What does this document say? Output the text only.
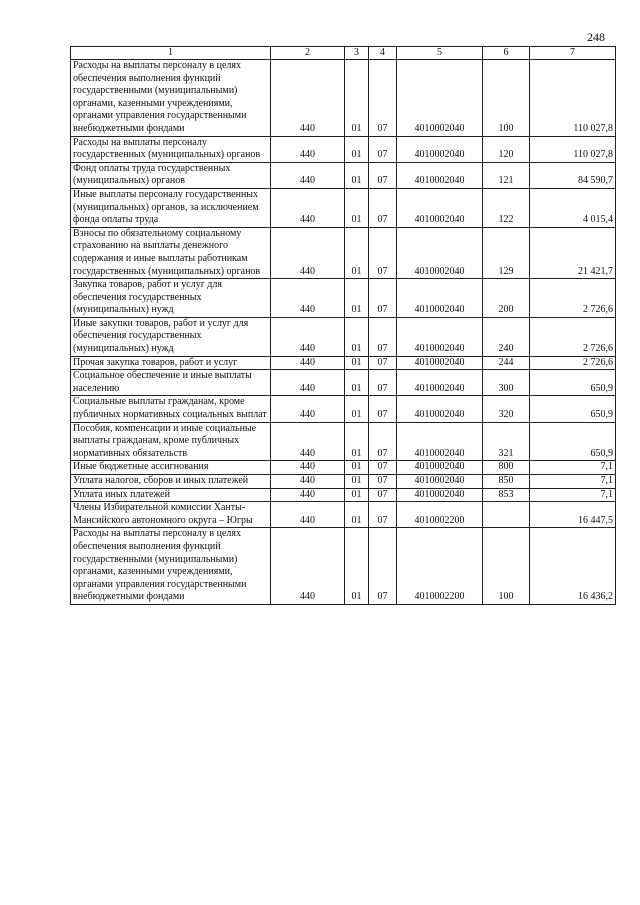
248
1	2	3	4	5	6	7
Расходы на выплаты персоналу в целях обеспечения выполнения функций государственными (муниципальными) органами, казенными учреждениями, органами управления государственными внебюджетными фондами	440	01	07	4010002040	100	110 027,8
Расходы на выплаты персоналу государственных (муниципальных) органов	440	01	07	4010002040	120	110 027,8
Фонд оплаты труда государственных (муниципальных) органов	440	01	07	4010002040	121	84 590,7
Иные выплаты персоналу государственных (муниципальных) органов, за исключением фонда оплаты труда	440	01	07	4010002040	122	4 015,4
Взносы по обязательному социальному страхованию на выплаты денежного содержания и иные выплаты работникам государственных (муниципальных) органов	440	01	07	4010002040	129	21 421,7
Закупка товаров, работ и услуг для обеспечения государственных (муниципальных) нужд	440	01	07	4010002040	200	2 726,6
Иные закупки товаров, работ и услуг для обеспечения государственных (муниципальных) нужд	440	01	07	4010002040	240	2 726,6
Прочая закупка товаров, работ и услуг	440	01	07	4010002040	244	2 726,6
Социальное обеспечение и иные выплаты населению	440	01	07	4010002040	300	650,9
Социальные выплаты гражданам, кроме публичных нормативных социальных выплат	440	01	07	4010002040	320	650,9
Пособия, компенсации и иные социальные выплаты гражданам, кроме публичных нормативных обязательств	440	01	07	4010002040	321	650,9
Иные бюджетные ассигнования	440	01	07	4010002040	800	7,1
Уплата налогов, сборов и иных платежей	440	01	07	4010002040	850	7,1
Уплата иных платежей	440	01	07	4010002040	853	7,1
Члены Избирательной комиссии Ханты-Мансийского автономного округа – Югры	440	01	07	4010002200		16 447,5
Расходы на выплаты персоналу в целях обеспечения выполнения функций государственными (муниципальными) органами, казенными учреждениями, органами управления государственными внебюджетными фондами	440	01	07	4010002200	100	16 436,2
